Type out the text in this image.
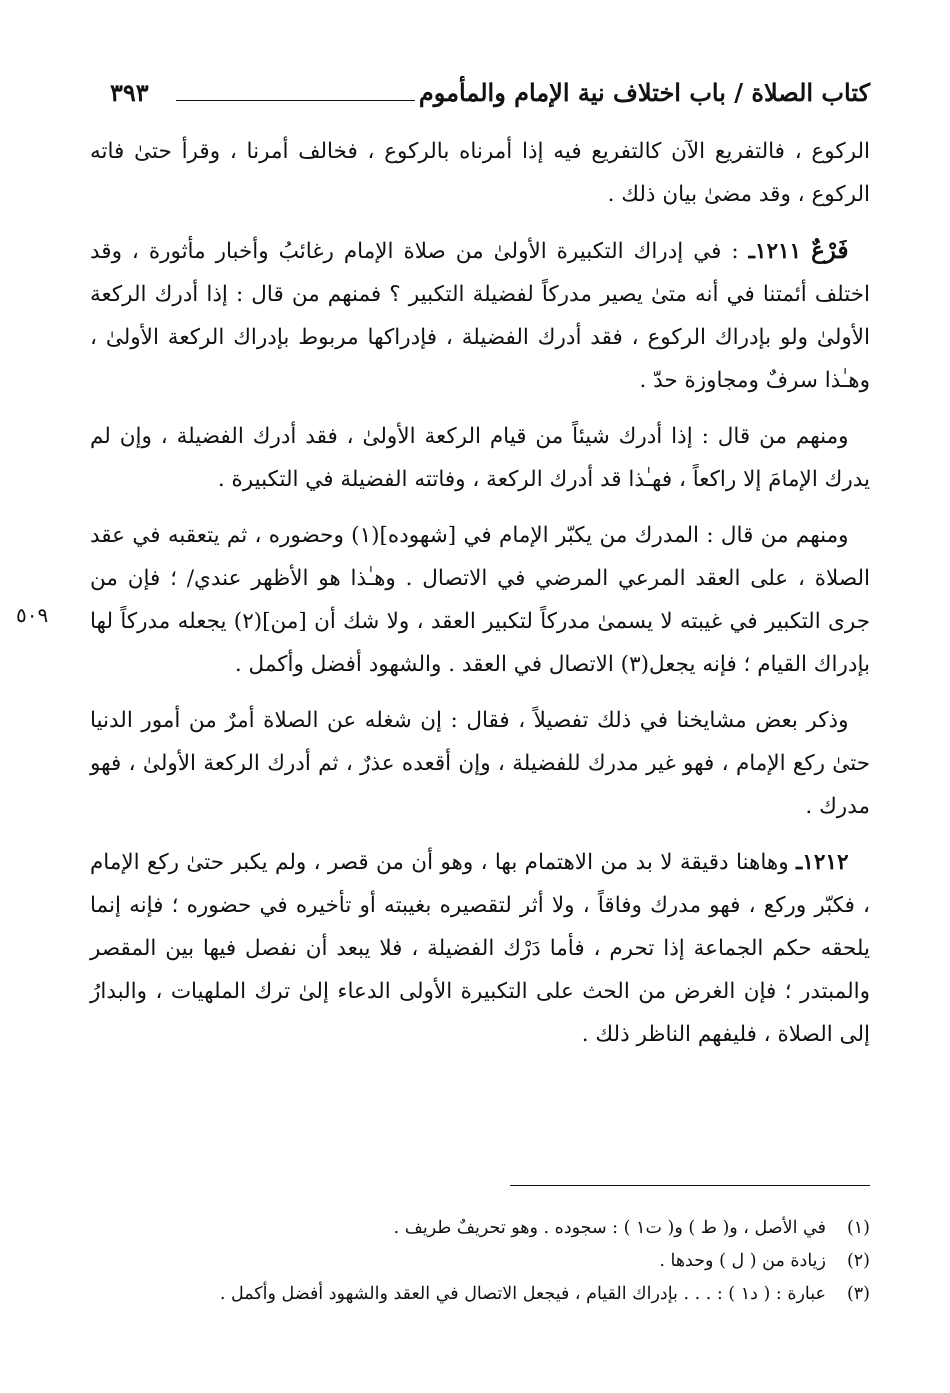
كتاب الصلاة / باب اختلاف نية الإمام والمأموم
٣٩٣

الركوع ، فالتفريع الآن كالتفريع فيه إذا أمرناه بالركوع ، فخالف أمرنا ، وقرأ حتىٰ فاته الركوع ، وقد مضىٰ بيان ذلك .

 فَرْعٌ ١٢١١ـ : في إدراك التكبيرة الأولىٰ من صلاة الإمام رغائبُ وأخبار مأثورة ، وقد اختلف أئمتنا في أنه متىٰ يصير مدركاً لفضيلة التكبير ؟ فمنهم من قال : إذا أدرك الركعة الأولىٰ ولو بإدراك الركوع ، فقد أدرك الفضيلة ، فإدراكها مربوط بإدراك الركعة الأولىٰ ، وهـٰذا سرفٌ ومجاوزة حدّ .

 ومنهم من قال : إذا أدرك شيئاً من قيام الركعة الأولىٰ ، فقد أدرك الفضيلة ، وإن لم يدرك الإمامَ إلا راكعاً ، فهـٰذا قد أدرك الركعة ، وفاتته الفضيلة في التكبيرة .

 ومنهم من قال : المدرك من يكبّر الإمام في [شهوده](١) وحضوره ، ثم يتعقبه في عقد الصلاة ، على العقد المرعي المرضي في الاتصال . وهـٰذا هو الأظهر عندي/ ؛ فإن من جرى التكبير في غيبته لا يسمىٰ مدركاً لتكبير العقد ، ولا شك أن [من](٢) يجعله مدركاً لها بإدراك القيام ؛ فإنه يجعل(٣) الاتصال في العقد . والشهود أفضل وأكمل .

 وذكر بعض مشايخنا في ذلك تفصيلاً ، فقال : إن شغله عن الصلاة أمرٌ من أمور الدنيا حتىٰ ركع الإمام ، فهو غير مدرك للفضيلة ، وإن أقعده عذرٌ ، ثم أدرك الركعة الأولىٰ ، فهو مدرك .

 ١٢١٢ـ وهاهنا دقيقة لا بد من الاهتمام بها ، وهو أن من قصر ، ولم يكبر حتىٰ ركع الإمام ، فكبّر وركع ، فهو مدرك وفاقاً ، ولا أثر لتقصيره بغيبته أو تأخيره في حضوره ؛ فإنه إنما يلحقه حكم الجماعة إذا تحرم ، فأما دَرْك الفضيلة ، فلا يبعد أن نفصل فيها بين المقصر والمبتدر ؛ فإن الغرض من الحث على التكبيرة الأولى الدعاء إلىٰ ترك الملهيات ، والبدارُ إلى الصلاة ، فليفهم الناظر ذلك .

٥٠٩
(١)
في الأصل ، و( ط ) و( ت١ ) : سجوده . وهو تحريفٌ طريف .
(٢)
زيادة من ( ل ) وحدها .
(٣)
عبارة : ( د١ ) : . . . بإدراك القيام ، فيجعل الاتصال في العقد والشهود أفضل وأكمل .
